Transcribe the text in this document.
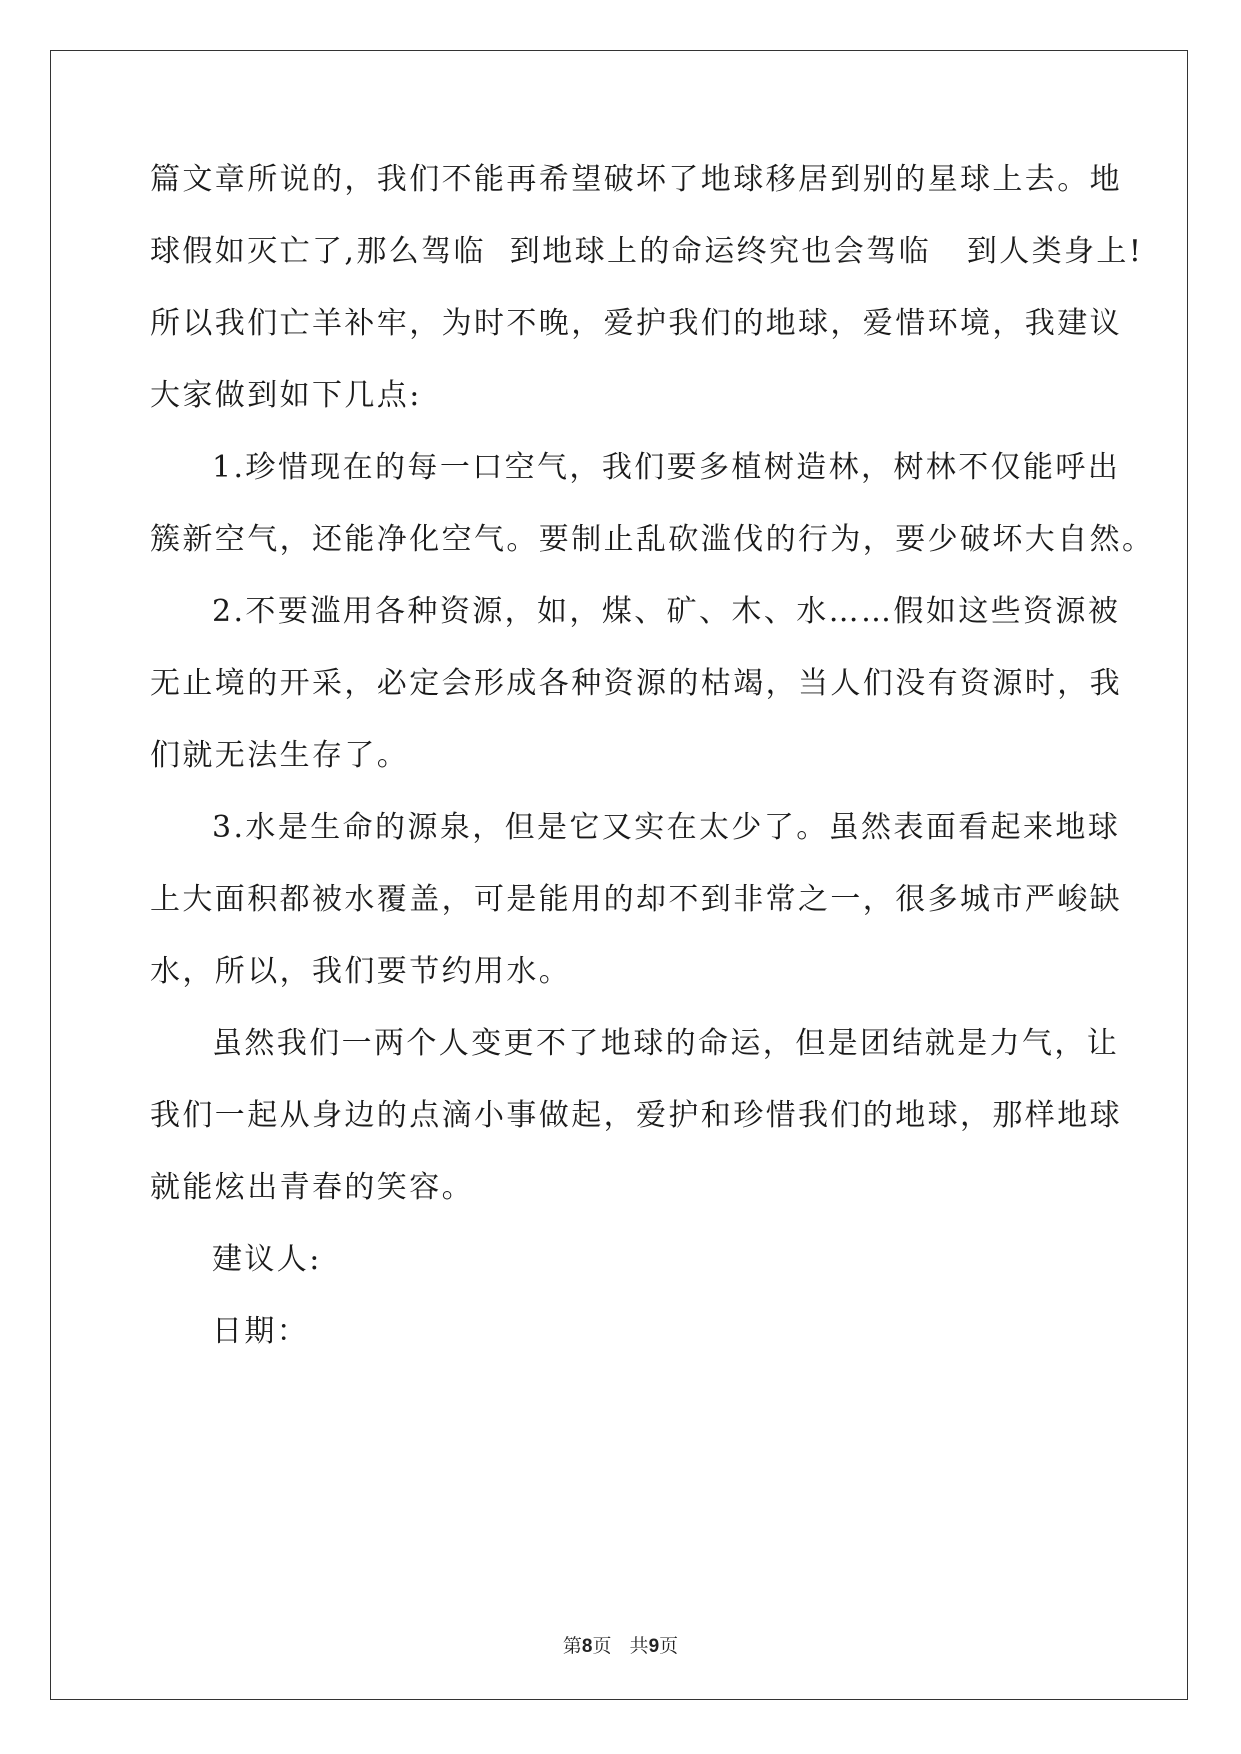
篇文章所说的，我们不能再希望破坏了地球移居到别的星球上去。地
球假如灭亡了,那么驾临  到地球上的命运终究也会驾临   到人类身上!
所以我们亡羊补牢，为时不晚，爱护我们的地球，爱惜环境，我建议
大家做到如下几点:
1.珍惜现在的每一口空气，我们要多植树造林，树林不仅能呼出
簇新空气，还能净化空气。要制止乱砍滥伐的行为，要少破坏大自然。
2.不要滥用各种资源，如，煤、矿、木、水……假如这些资源被
无止境的开采，必定会形成各种资源的枯竭，当人们没有资源时，我
们就无法生存了。
3.水是生命的源泉，但是它又实在太少了。虽然表面看起来地球
上大面积都被水覆盖，可是能用的却不到非常之一，很多城市严峻缺
水，所以，我们要节约用水。
虽然我们一两个人变更不了地球的命运，但是团结就是力气，让
我们一起从身边的点滴小事做起，爱护和珍惜我们的地球，那样地球
就能炫出青春的笑容。
建议人:
日期：
第8页   共9页
